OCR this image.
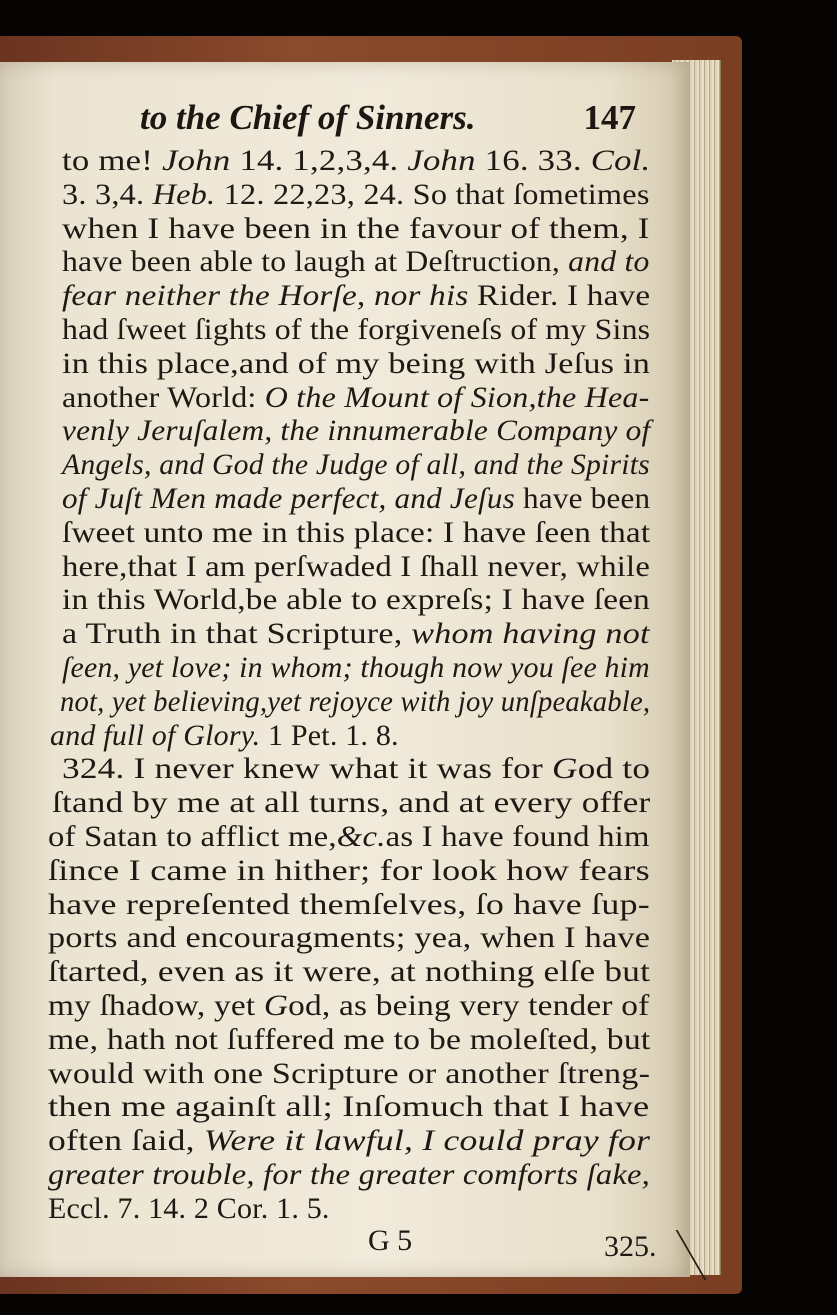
to the Chief of Sinners.	147
to me! John 14. 1,2,3,4. John 16. 33. Col.
3. 3,4. Heb. 12. 22,23, 24. So that ſometimes
when I have been in the favour of them, I
have been able to laugh at Deſtruction, and to
fear neither the Horſe, nor his Rider. I have
had ſweet ſights of the forgiveneſs of my Sins
in this place,and of my being with Jeſus in
another World: O the Mount of Sion,the Hea-
venly Jeruſalem, the innumerable Company of
Angels, and God the Judge of all, and the Spirits
of Juſt Men made perfect, and Jeſus have been
ſweet unto me in this place: I have ſeen that
here,that I am perſwaded I ſhall never, while
in this World,be able to expreſs; I have ſeen
a Truth in that Scripture, whom having not
ſeen, yet love; in whom; though now you ſee him
not, yet believing,yet rejoyce with joy unſpeakable,
and full of Glory. 1 Pet. 1. 8.
324. I never knew what it was for God to
ſtand by me at all turns, and at every offer
of Satan to afflict me,&c.as I have found him
ſince I came in hither; for look how fears
have repreſented themſelves, ſo have ſup-
ports and encouragments; yea, when I have
ſtarted, even as it were, at nothing elſe but
my ſhadow, yet God, as being very tender of
me, hath not ſuffered me to be moleſted, but
would with one Scripture or another ſtreng-
then me againſt all; Inſomuch that I have
often ſaid, Were it lawful, I could pray for
greater trouble, for the greater comforts ſake,
Eccl. 7. 14. 2 Cor. 1. 5.
G 5	325.
